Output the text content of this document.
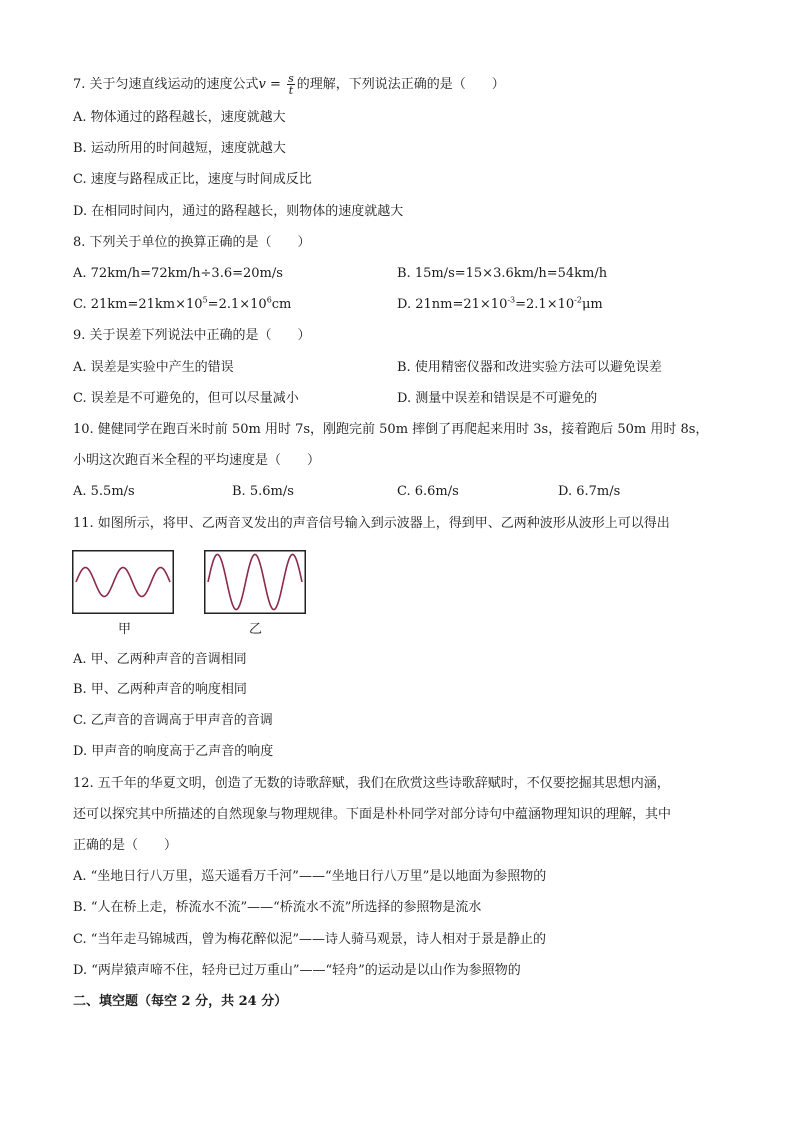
7. 关于匀速直线运动的速度公式$v = \frac{s}{t}$ 的理解，下列说法正确的是（　　）
A. 物体通过的路程越长，速度就越大
B. 运动所用的时间越短，速度就越大
C. 速度与路程成正比，速度与时间成反比
D. 在相同时间内，通过的路程越长，则物体的速度就越大
8. 下列关于单位的换算正确的是（　　）
A. 72km/h=72km/h÷3.6=20m/s	B. 15m/s=15×3.6km/h=54km/h
C. $21km=21km\times 10^5=2.1\times 10^6cm$	D. $21nm=21\times 10^{-3}=2.1\times 10^{-2}\mu m$
9. 关于误差下列说法中正确的是（　　）
A. 误差是实验中产生的错误	B. 使用精密仪器和改进实验方法可以避免误差
C. 误差是不可避免的，但可以尽量减小	D. 测量中误差和错误是不可避免的
10. 健健同学在跑百米时前 50m 用时 7s，刚跑完前 50m 摔倒了再爬起来用时 3s，接着跑后 50m 用时 8s，
小明这次跑百米全程的平均速度是（　　）
A. 5.5m/s	B. 5.6m/s	C. 6.6m/s	D. 6.7m/s
11. 如图所示，将甲、乙两音叉发出的声音信号输入到示波器上，得到甲、乙两种波形从波形上可以得出
甲	乙
A. 甲、乙两种声音的音调相同
B. 甲、乙两种声音的响度相同
C. 乙声音的音调高于甲声音的音调
D. 甲声音的响度高于乙声音的响度
12. 五千年的华夏文明，创造了无数的诗歌辞赋，我们在欣赏这些诗歌辞赋时，不仅要挖掘其思想内涵，
还可以探究其中所描述的自然现象与物理规律。下面是朴朴同学对部分诗句中蕴涵物理知识的理解，其中
正确的是（　　）
A. “坐地日行八万里，巡天遥看万千河”——“坐地日行八万里”是以地面为参照物的
B. “人在桥上走，桥流水不流”——“桥流水不流”所选择的参照物是流水
C. “当年走马锦城西，曾为梅花醉似泥”——诗人骑马观景，诗人相对于景是静止的
D. “两岸猿声啼不住，轻舟已过万重山”——“轻舟”的运动是以山作为参照物的
二、填空题（每空 2 分，共 24 分）
